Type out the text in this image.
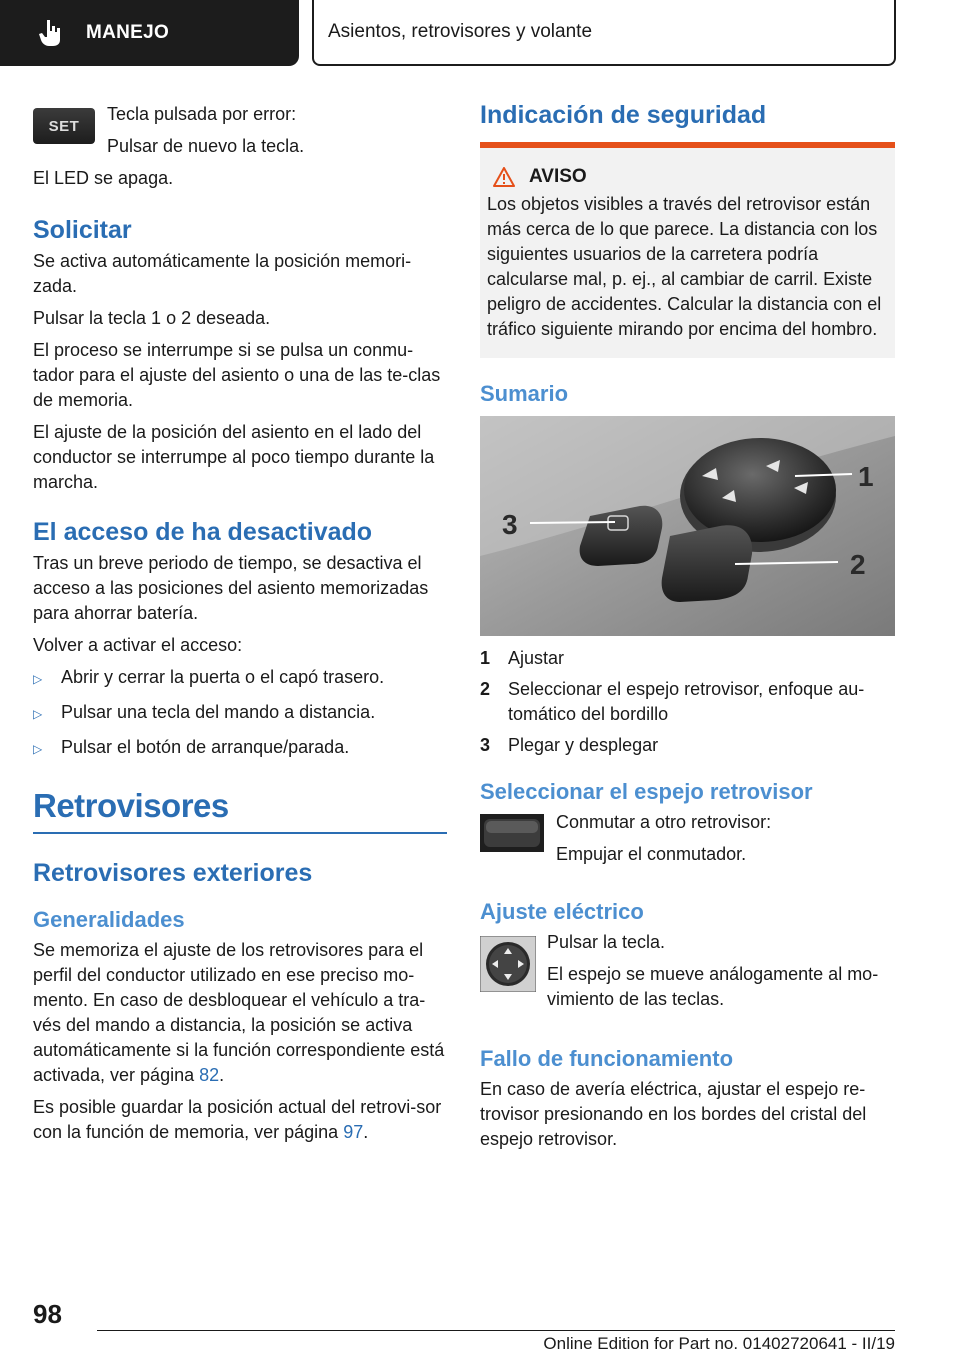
MANEJO	Asientos, retrovisores y volante
SET

Tecla pulsada por error:

Pulsar de nuevo la tecla.

El LED se apaga.

Solicitar

Se activa automáticamente la posición memori-zada.

Pulsar la tecla 1 o 2 deseada.

El proceso se interrumpe si se pulsa un conmu-tador para el ajuste del asiento o una de las te-clas de memoria.

El ajuste de la posición del asiento en el lado del conductor se interrumpe al poco tiempo durante la marcha.

El acceso de ha desactivado

Tras un breve periodo de tiempo, se desactiva el acceso a las posiciones del asiento memorizadas para ahorrar batería.

Volver a activar el acceso:

▷	Abrir y cerrar la puerta o el capó trasero.
▷	Pulsar una tecla del mando a distancia.
▷	Pulsar el botón de arranque/parada.
Retrovisores
Retrovisores exteriores
Generalidades

Se memoriza el ajuste de los retrovisores para el perfil del conductor utilizado en ese preciso mo-mento. En caso de desbloquear el vehículo a tra-vés del mando a distancia, la posición se activa automáticamente si la función correspondiente está activada, ver página 82.

Es posible guardar la posición actual del retrovi-sor con la función de memoria, ver página 97.

Indicación de seguridad
AVISO

Los objetos visibles a través del retrovisor están más cerca de lo que parece. La distancia con los siguientes usuarios de la carretera podría calcularse mal, p. ej., al cambiar de carril. Existe peligro de accidentes. Calcular la distancia con el tráfico siguiente mirando por encima del hombro.

Sumario
1
2
3
1 Ajustar
2 Seleccionar el espejo retrovisor, enfoque au-tomático del bordillo
3 Plegar y desplegar
Seleccionar el espejo retrovisor

Conmutar a otro retrovisor:

Empujar el conmutador.

Ajuste eléctrico

Pulsar la tecla.

El espejo se mueve análogamente al mo-vimiento de las teclas.

Fallo de funcionamiento

En caso de avería eléctrica, ajustar el espejo re-trovisor presionando en los bordes del cristal del espejo retrovisor.

98
Online Edition for Part no. 01402720641 - II/19
